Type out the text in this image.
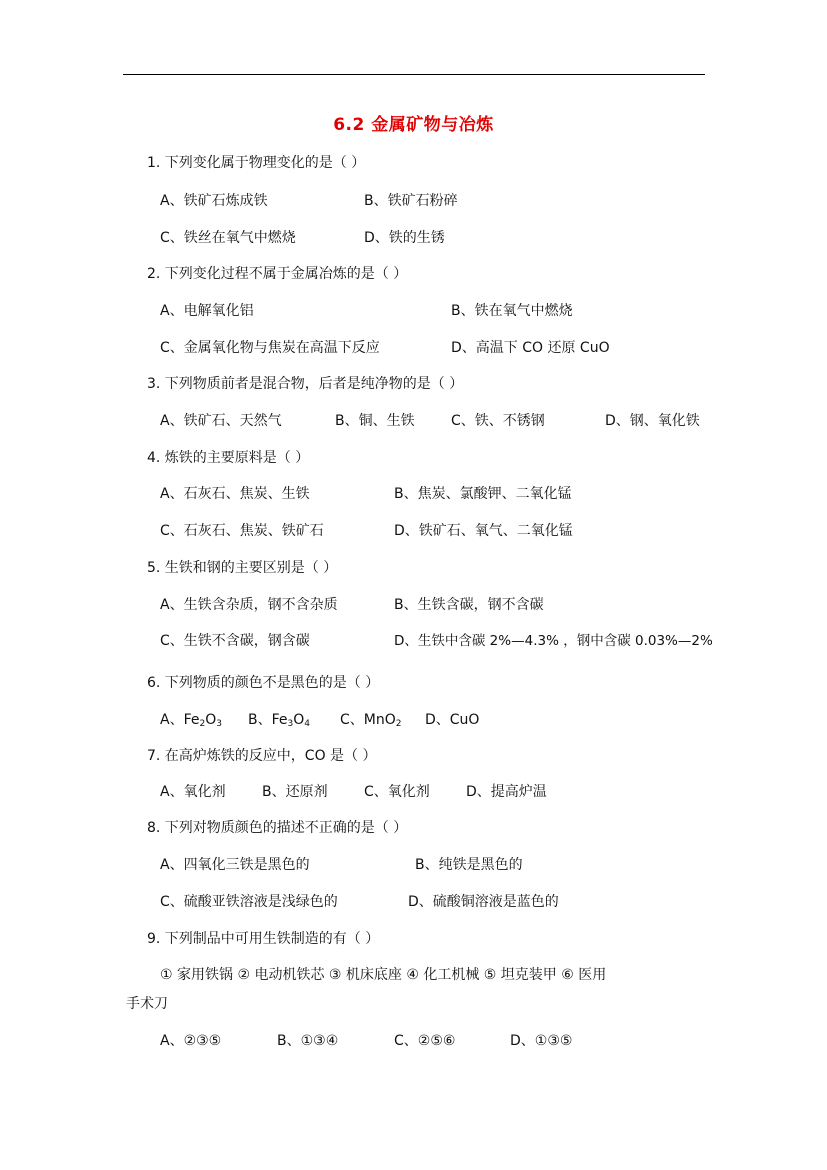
6.2 金属矿物与冶炼
1. 下列变化属于物理变化的是（ ）
A、铁矿石炼成铁	B、铁矿石粉碎
C、铁丝在氧气中燃烧	D、铁的生锈
2. 下列变化过程不属于金属冶炼的是（ ）
A、电解氧化铝	B、铁在氧气中燃烧
C、金属氧化物与焦炭在高温下反应	D、高温下 CO 还原 CuO
3. 下列物质前者是混合物，后者是纯净物的是（ ）
A、铁矿石、天然气	B、铜、生铁	C、铁、不锈钢	D、钢、氧化铁
4. 炼铁的主要原料是（ ）
A、石灰石、焦炭、生铁	B、焦炭、氯酸钾、二氧化锰
C、石灰石、焦炭、铁矿石	D、铁矿石、氧气、二氧化锰
5. 生铁和钢的主要区别是（ ）
A、生铁含杂质，钢不含杂质	B、生铁含碳，钢不含碳
C、生铁不含碳，钢含碳	D、生铁中含碳 2%—4.3% ，钢中含碳 0.03%—2%
6. 下列物质的颜色不是黑色的是（ ）
A、$Fe_2O_3$ B、$Fe_3O_4$ C、MnO$_2$ D、CuO
7. 在高炉炼铁的反应中，CO 是（ ）
A、氧化剂	B、还原剂	C、氧化剂	D、提高炉温
8. 下列对物质颜色的描述不正确的是（ ）
A、四氧化三铁是黑色的	B、纯铁是黑色的
C、硫酸亚铁溶液是浅绿色的	D、硫酸铜溶液是蓝色的
9. 下列制品中可用生铁制造的有（ ）
① 家用铁锅 ② 电动机铁芯 ③ 机床底座 ④ 化工机械 ⑤ 坦克装甲 ⑥ 医用
手术刀
A、②③⑤	B、①③④	C、②⑤⑥	D、①③⑤
